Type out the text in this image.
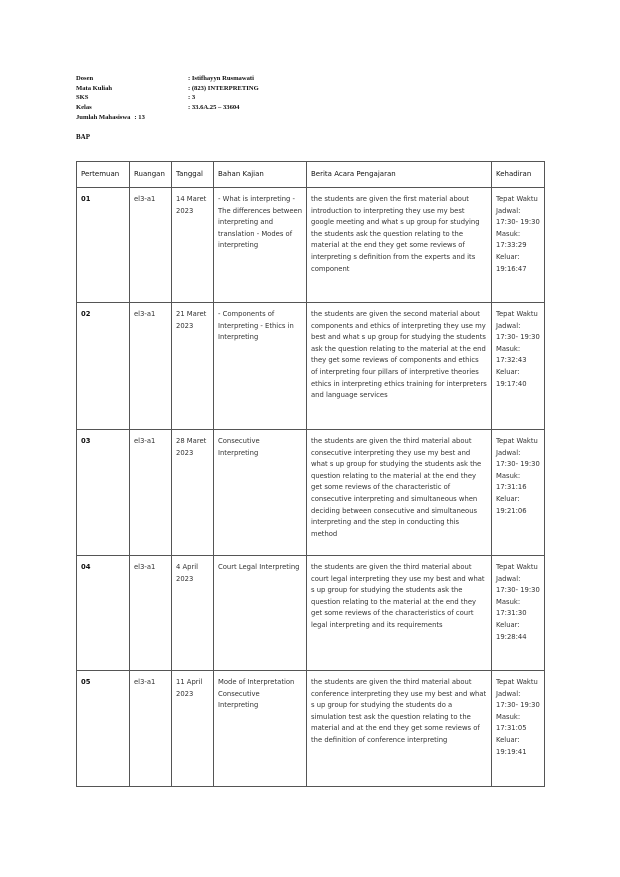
Dosen	: Istifhayyn Rusmawati
Mata Kuliah	: (823) INTERPRETING
SKS	: 3
Kelas	: 33.6A.25 – 33604
Jumlah Mahasiswa : 13
BAP
Pertemuan	Ruangan	Tanggal	Bahan Kajian	Berita Acara Pengajaran	Kehadiran
01	el3-a1	14 Maret 2023	- What is interpreting - The differences between interpreting and translation - Modes of interpreting	the students are given the first material about introduction to interpreting they use my best google meeting and what s up group for studying the students ask the question relating to the material at the end they get some reviews of interpreting s definition from the experts and its component	Tepat Waktu Jadwal: 17:30- 19:30 Masuk: 17:33:29 Keluar: 19:16:47
02	el3-a1	21 Maret 2023	- Components of Interpreting - Ethics in Interpreting	the students are given the second material about components and ethics of interpreting they use my best and what s up group for studying the students ask the question relating to the material at the end they get some reviews of components and ethics of interpreting four pillars of interpretive theories ethics in interpreting ethics training for interpreters and language services	Tepat Waktu Jadwal: 17:30- 19:30 Masuk: 17:32:43 Keluar: 19:17:40
03	el3-a1	28 Maret 2023	Consecutive Interpreting	the students are given the third material about consecutive interpreting they use my best and what s up group for studying the students ask the question relating to the material at the end they get some reviews of the characteristic of consecutive interpreting and simultaneous when deciding between consecutive and simultaneous interpreting and the step in conducting this method	Tepat Waktu Jadwal: 17:30- 19:30 Masuk: 17:31:16 Keluar: 19:21:06
04	el3-a1	4 April 2023	Court Legal Interpreting	the students are given the third material about court legal interpreting they use my best and what s up group for studying the students ask the question relating to the material at the end they get some reviews of the characteristics of court legal interpreting and its requirements	Tepat Waktu Jadwal: 17:30- 19:30 Masuk: 17:31:30 Keluar: 19:28:44
05	el3-a1	11 April 2023	Mode of Interpretation Consecutive Interpreting	the students are given the third material about conference interpreting they use my best and what s up group for studying the students do a simulation test ask the question relating to the material and at the end they get some reviews of the definition of conference interpreting	Tepat Waktu Jadwal: 17:30- 19:30 Masuk: 17:31:05 Keluar: 19:19:41
